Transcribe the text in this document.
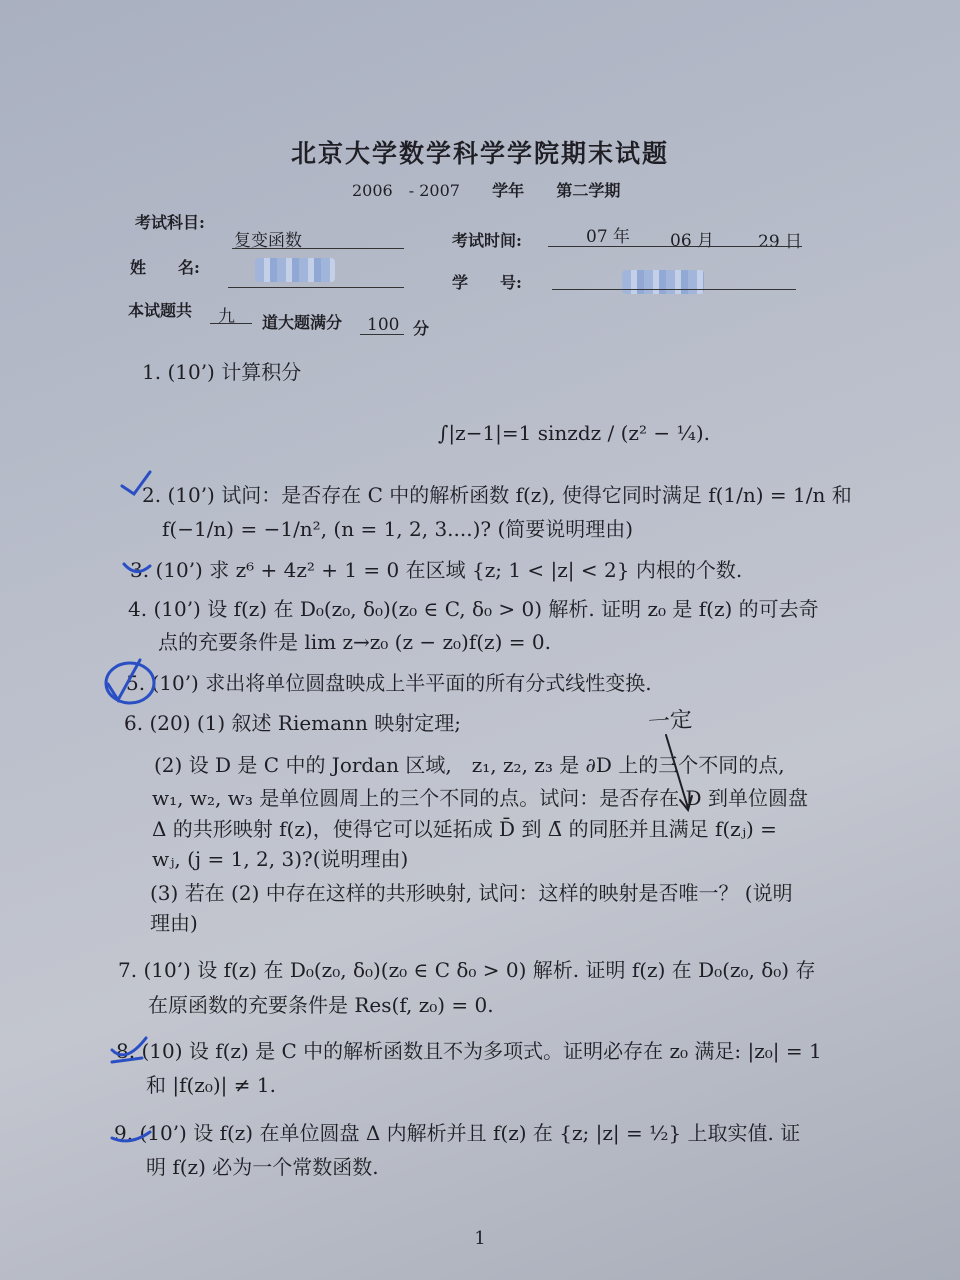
北京大学数学科学学院期末试题
2006　- 2007 学年 第二学期
考试科目:
复变函数	考试时间:	07 年 06 月	29 日
姓　　名:
学　　号:
本试题共 九 道大题满分 100 分
1. (10’) 计算积分
∫|z−1|=1 sinzdz / (z² − ¼).
2. (10’) 试问：是否存在 C 中的解析函数 f(z), 使得它同时满足 f(1/n) = 1/n 和
f(−1/n) = −1/n², (n = 1, 2, 3....)? (简要说明理由)
3. (10’) 求 z⁶ + 4z² + 1 = 0 在区域 {z; 1 < |z| < 2} 内根的个数.
4. (10’) 设 f(z) 在 D₀(z₀, δ₀)(z₀ ∈ C, δ₀ > 0) 解析. 证明 z₀ 是 f(z) 的可去奇
点的充要条件是 lim z→z₀ (z − z₀)f(z) = 0.
5. (10’) 求出将单位圆盘映成上半平面的所有分式线性变换.
6. (20) (1) 叙述 Riemann 映射定理;
(2) 设 D 是 C 中的 Jordan 区域,　z₁, z₂, z₃ 是 ∂D 上的三个不同的点,
w₁, w₂, w₃ 是单位圆周上的三个不同的点。试问：是否存在 D 到单位圆盘
Δ 的共形映射 f(z)，使得它可以延拓成 D̄ 到 Δ̄ 的同胚并且满足 f(zⱼ) =
wⱼ, (j = 1, 2, 3)?(说明理由)
(3) 若在 (2) 中存在这样的共形映射, 试问：这样的映射是否唯一？ (说明
理由)
7. (10’) 设 f(z) 在 D₀(z₀, δ₀)(z₀ ∈ C δ₀ > 0) 解析. 证明 f(z) 在 D₀(z₀, δ₀) 存
在原函数的充要条件是 Res(f, z₀) = 0.
8. (10) 设 f(z) 是 C 中的解析函数且不为多项式。证明必存在 z₀ 满足: |z₀| = 1
和 |f(z₀)| ≠ 1.
9. (10’) 设 f(z) 在单位圆盘 Δ 内解析并且 f(z) 在 {z; |z| = ½} 上取实值. 证
明 f(z) 必为一个常数函数.
一定
1
